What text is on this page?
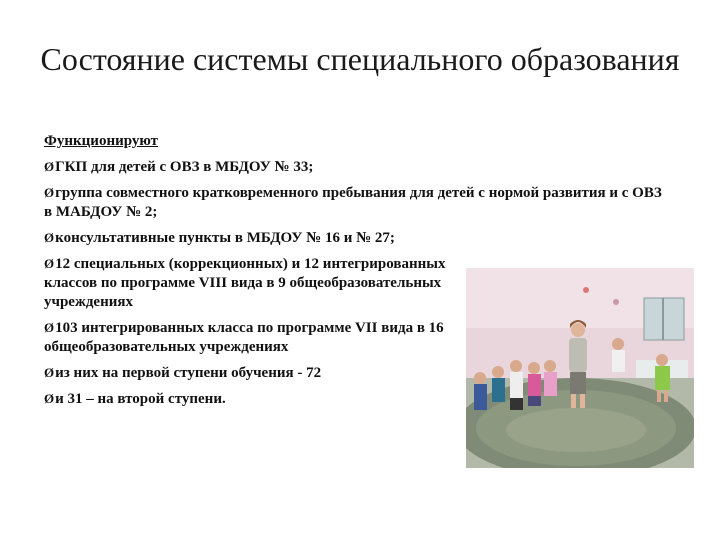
Состояние системы специального образования
Функционируют
ØГКП для детей с ОВЗ в МБДОУ № 33;
Øгруппа совместного кратковременного пребывания для детей с нормой развития и с ОВЗ в МАБДОУ № 2;
Øконсультативные пункты в МБДОУ № 16 и № 27;
Ø12 специальных (коррекционных) и 12 интегрированных классов по программе VIII вида в 9 общеобразовательных учреждениях
Ø103 интегрированных класса по программе VII вида в 16 общеобразовательных учреждениях
Øиз них на первой ступени обучения - 72
Øи 31 – на второй ступени.
